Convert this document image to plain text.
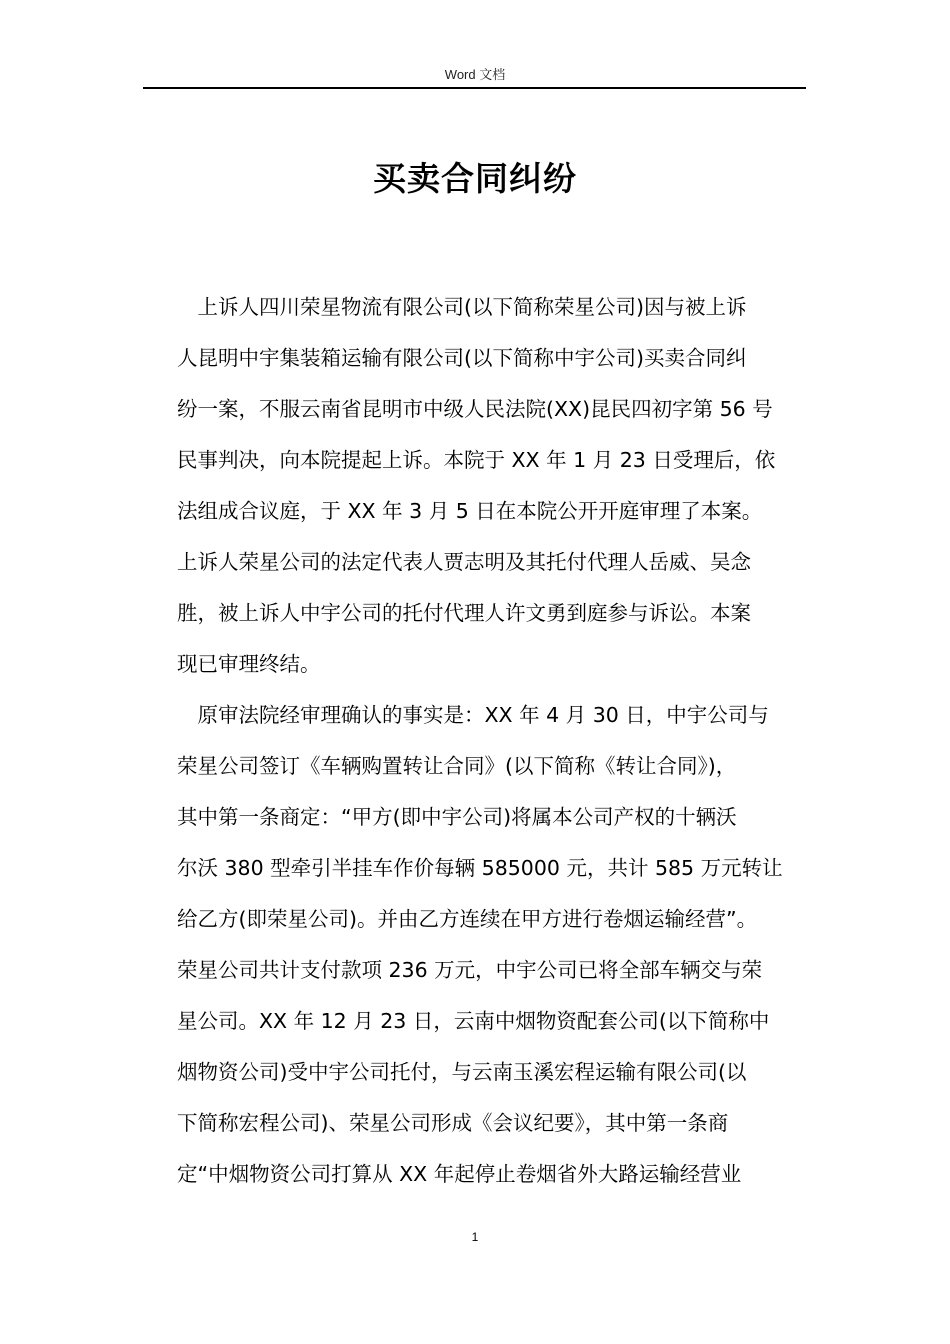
Word 文档
买卖合同纠纷
　上诉人四川荣星物流有限公司(以下简称荣星公司)因与被上诉
人昆明中宇集装箱运输有限公司(以下简称中宇公司)买卖合同纠
纷一案，不服云南省昆明市中级人民法院(XX)昆民四初字第 56 号
民事判决，向本院提起上诉。本院于 XX 年 1 月 23 日受理后，依
法组成合议庭，于 XX 年 3 月 5 日在本院公开开庭审理了本案。
上诉人荣星公司的法定代表人贾志明及其托付代理人岳威、吴念
胜，被上诉人中宇公司的托付代理人许文勇到庭参与诉讼。本案
现已审理终结。
　原审法院经审理确认的事实是：XX 年 4 月 30 日，中宇公司与
荣星公司签订《车辆购置转让合同》(以下简称《转让合同》)，
其中第一条商定：“甲方(即中宇公司)将属本公司产权的十辆沃
尔沃 380 型牵引半挂车作价每辆 585000 元，共计 585 万元转让
给乙方(即荣星公司)。并由乙方连续在甲方进行卷烟运输经营”。
荣星公司共计支付款项 236 万元，中宇公司已将全部车辆交与荣
星公司。XX 年 12 月 23 日，云南中烟物资配套公司(以下简称中
烟物资公司)受中宇公司托付，与云南玉溪宏程运输有限公司(以
下简称宏程公司)、荣星公司形成《会议纪要》，其中第一条商
定“中烟物资公司打算从 XX 年起停止卷烟省外大路运输经营业
1
